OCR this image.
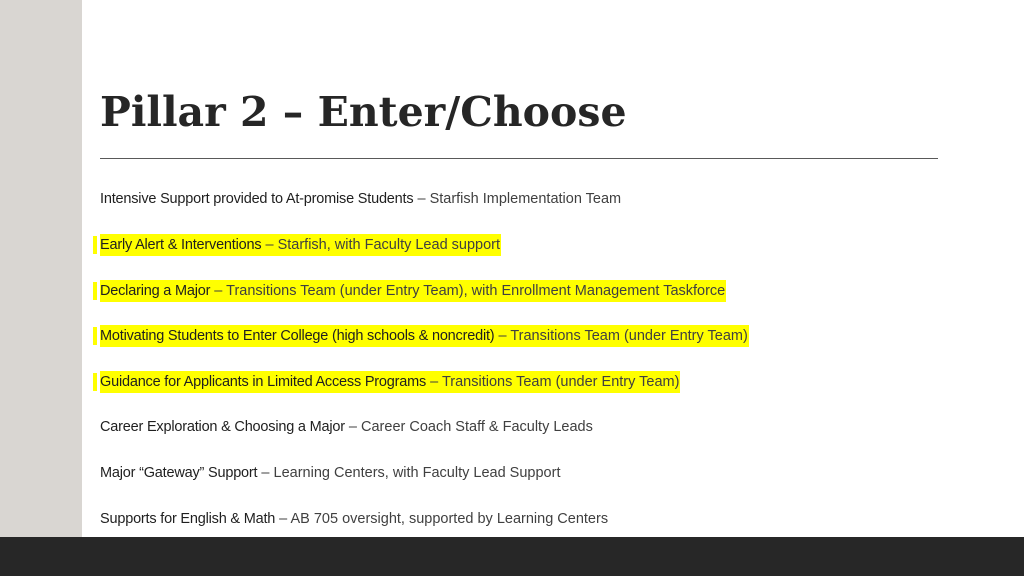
Pillar 2 – Enter/Choose
Intensive Support provided to At-promise Students – Starfish Implementation Team
Early Alert & Interventions – Starfish, with Faculty Lead support
Declaring a Major – Transitions Team (under Entry Team), with Enrollment Management Taskforce
Motivating Students to Enter College (high schools & noncredit) – Transitions Team (under Entry Team)
Guidance for Applicants in Limited Access Programs – Transitions Team (under Entry Team)
Career Exploration & Choosing a Major – Career Coach Staff & Faculty Leads
Major “Gateway” Support – Learning Centers, with Faculty Lead Support
Supports for English & Math – AB 705 oversight, supported by Learning Centers
